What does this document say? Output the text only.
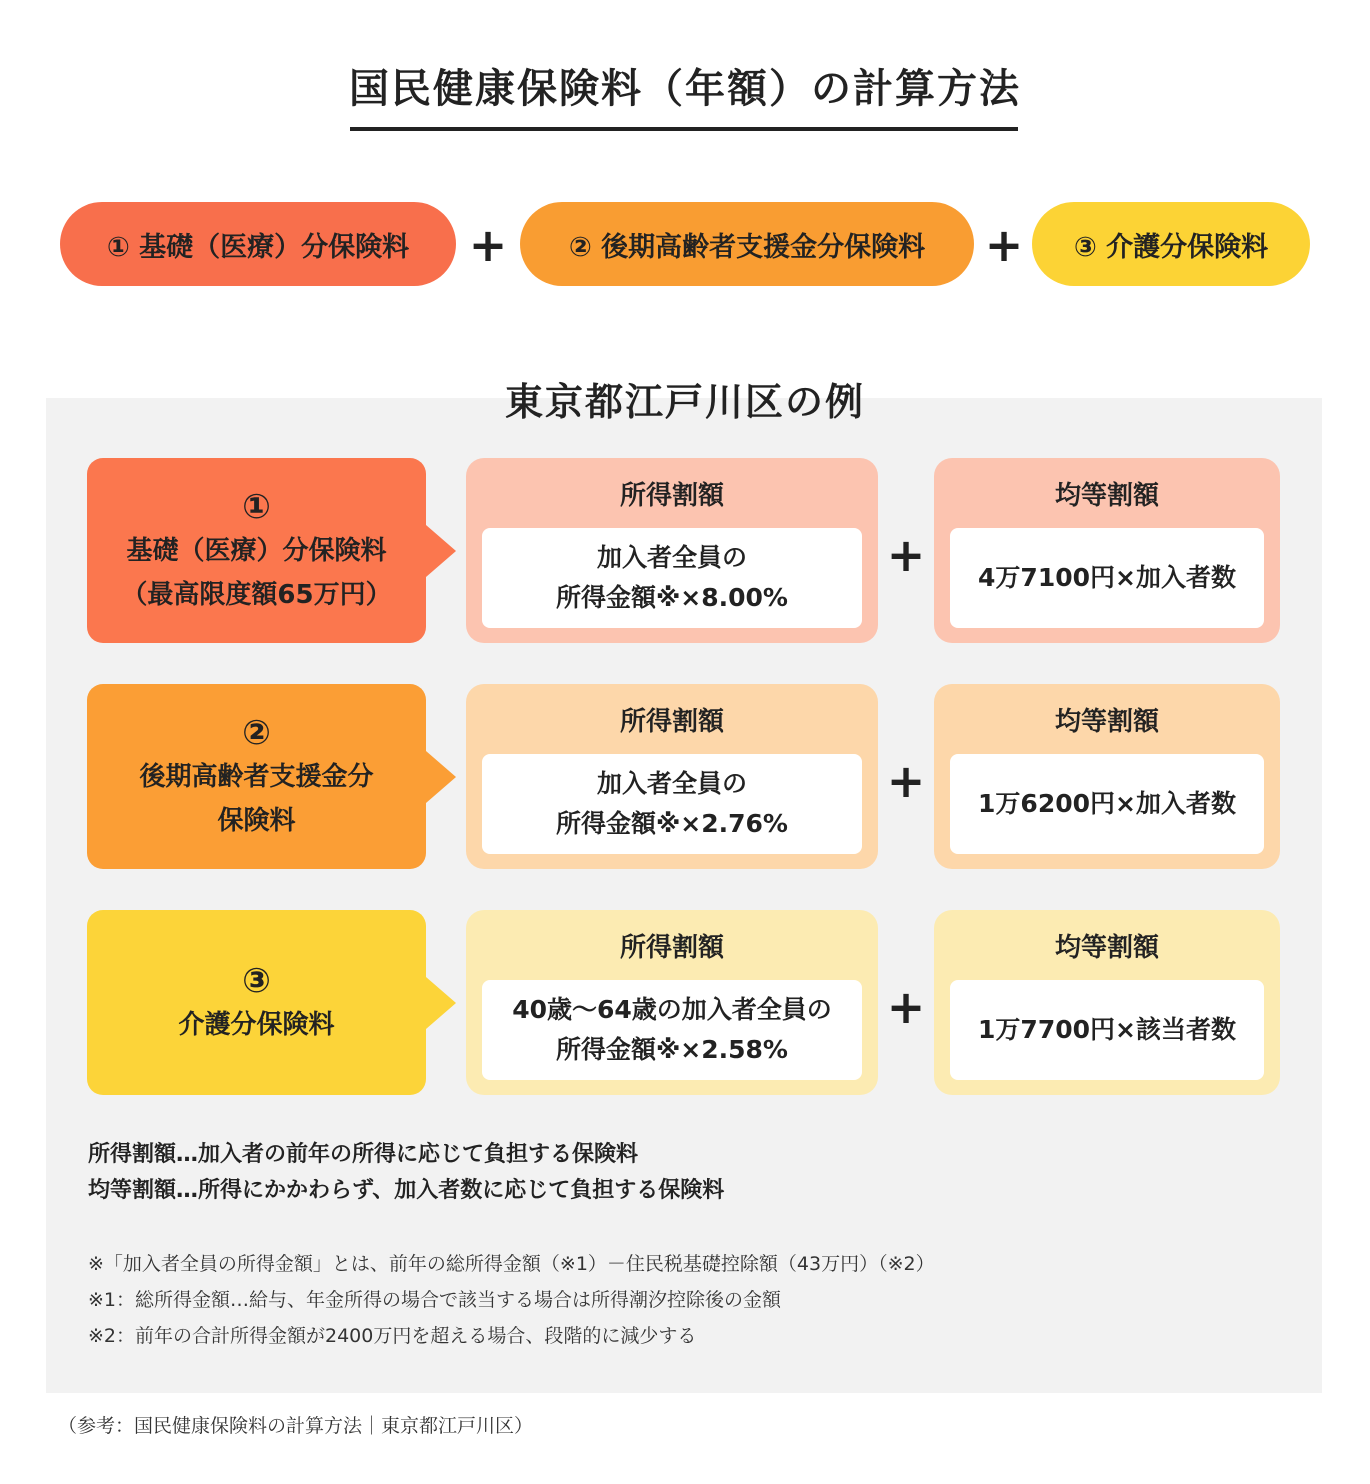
国民健康保険料（年額）の計算方法
① 基礎（医療）分保険料 + ② 後期高齢者支援金分保険料 + ③ 介護分保険料
東京都江戸川区の例
①
基礎（医療）分保険料
（最高限度額65万円）
所得割額
加入者全員の
所得金額※×8.00%
+
均等割額
4万7100円×加入者数
②
後期高齢者支援金分
保険料
所得割額
加入者全員の
所得金額※×2.76%
+
均等割額
1万6200円×加入者数
③
介護分保険料
所得割額
40歳〜64歳の加入者全員の
所得金額※×2.58%
+
均等割額
1万7700円×該当者数
所得割額…加入者の前年の所得に応じて負担する保険料
均等割額…所得にかかわらず、加入者数に応じて負担する保険料
※「加入者全員の所得金額」とは、前年の総所得金額（※1）－住民税基礎控除額（43万円）（※2）
※1：総所得金額…給与、年金所得の場合で該当する場合は所得潮汐控除後の金額
※2：前年の合計所得金額が2400万円を超える場合、段階的に減少する
（参考：国民健康保険料の計算方法｜東京都江戸川区）
